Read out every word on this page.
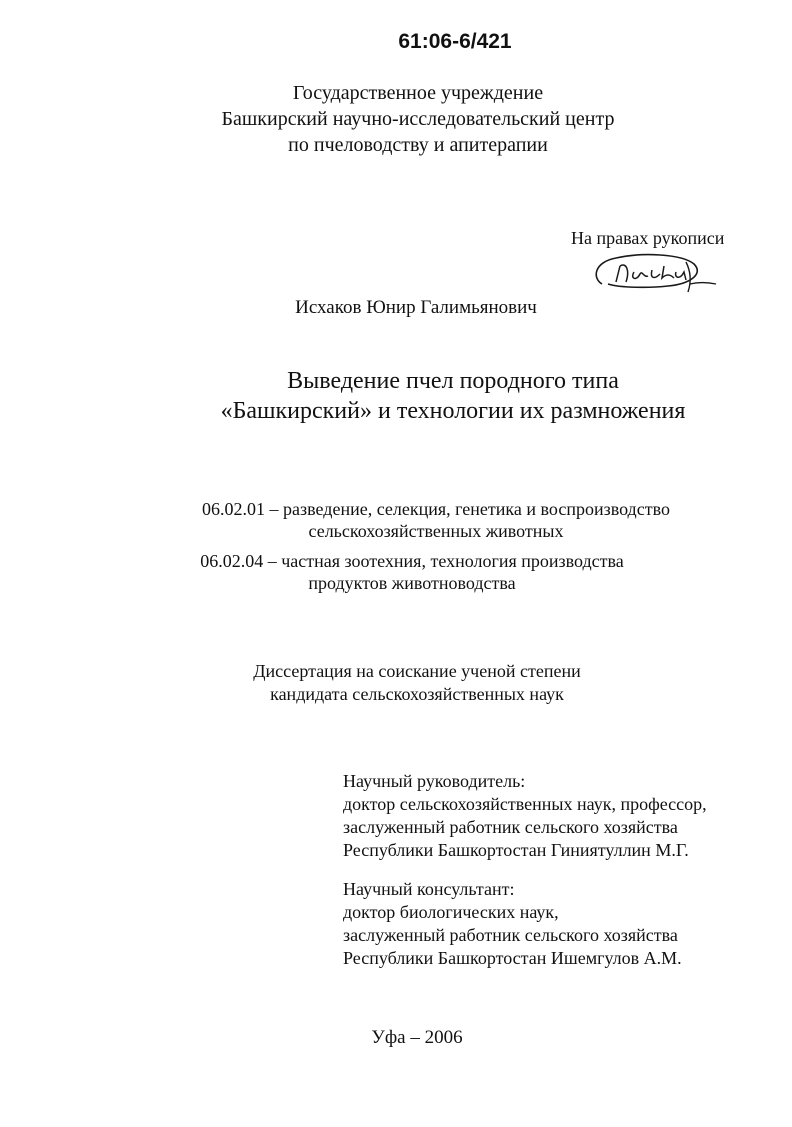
61:06-6/421
Государственное учреждение
Башкирский научно-исследовательский центр
по пчеловодству и апитерапии
На правах рукописи
Исхаков Юнир Галимьянович
Выведение пчел породного типа
«Башкирский» и технологии их размножения
06.02.01 – разведение, селекция, генетика и воспроизводство
сельскохозяйственных животных
06.02.04 – частная зоотехния, технология производства
продуктов животноводства
Диссертация на соискание ученой степени
кандидата сельскохозяйственных наук
Научный руководитель:
доктор сельскохозяйственных наук, профессор,
заслуженный работник сельского хозяйства
Республики Башкортостан Гиниятуллин М.Г.
Научный консультант:
доктор биологических наук,
заслуженный работник сельского хозяйства
Республики Башкортостан Ишемгулов А.М.
Уфа – 2006
